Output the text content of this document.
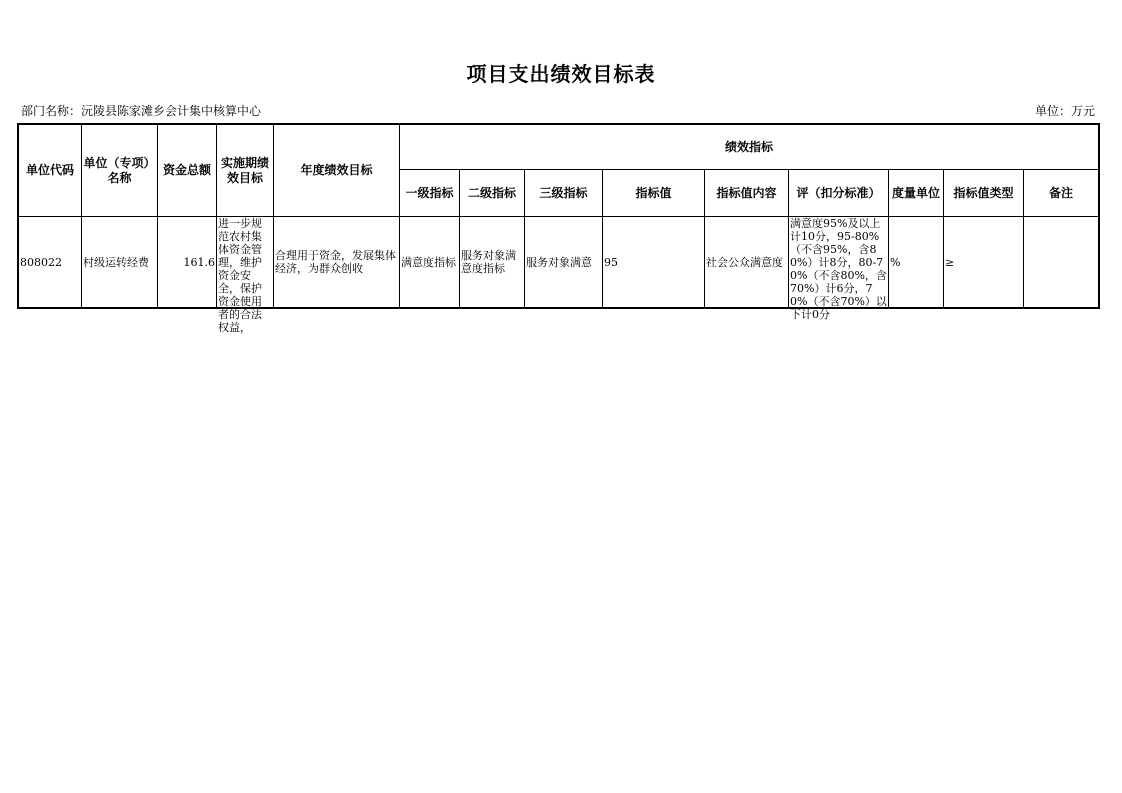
项目支出绩效目标表
部门名称：沅陵县陈家滩乡会计集中核算中心	单位：万元
单位代码	单位（专项）名称	资金总额	实施期绩效目标	年度绩效目标	绩效指标								
					一级指标	二级指标	三级指标	指标值	指标值内容	评（扣分标准）	度量单位	指标值类型	备注
808022	村级运转经费	161.6	进一步规范农村集体资金管理，维护资金安全，保护资金使用者的合法权益，	合理用于资金，发展集体经济，为群众创收	满意度指标	服务对象满意度指标	服务对象满意	95	社会公众满意度	满意度95%及以上计10分，95-80%（不含95%，含80%）计8分，80-70%（不含80%，含70%）计6分，70%（不含70%）以下计0分	%	≥	
